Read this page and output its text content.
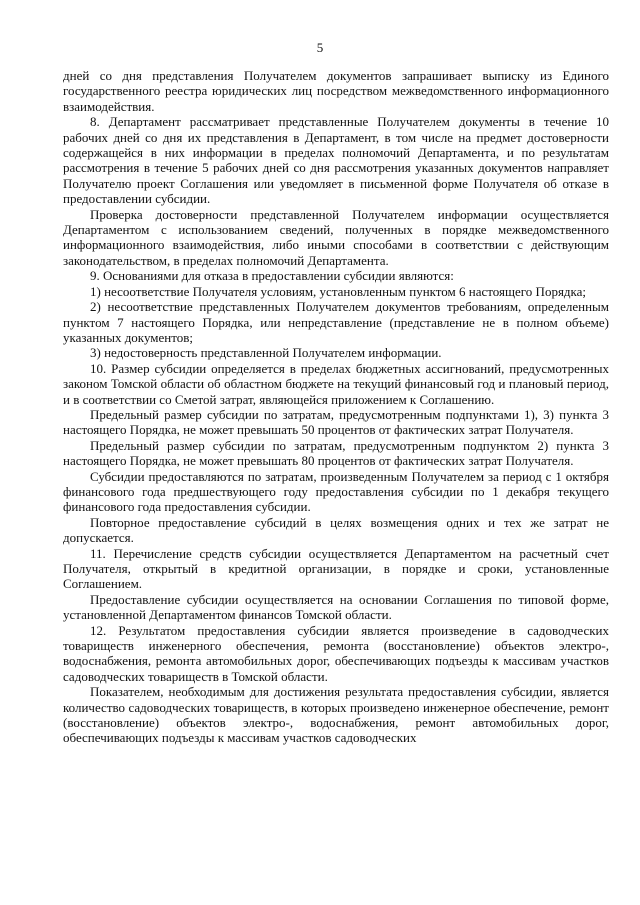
5

дней со дня представления Получателем документов запрашивает выписку из Единого государственного реестра юридических лиц посредством межведомственного информационного взаимодействия.

8. Департамент рассматривает представленные Получателем документы в течение 10 рабочих дней со дня их представления в Департамент, в том числе на предмет достоверности содержащейся в них информации в пределах полномочий Департамента, и по результатам рассмотрения в течение 5 рабочих дней со дня рассмотрения указанных документов направляет Получателю проект Соглашения или уведомляет в письменной форме Получателя об отказе в предоставлении субсидии.

Проверка достоверности представленной Получателем информации осуществляется Департаментом с использованием сведений, полученных в порядке межведомственного информационного взаимодействия, либо иными способами в соответствии с действующим законодательством, в пределах полномочий Департамента.

9. Основаниями для отказа в предоставлении субсидии являются:

1) несоответствие Получателя условиям, установленным пунктом 6 настоящего Порядка;

2) несоответствие представленных Получателем документов требованиям, определенным пунктом 7 настоящего Порядка, или непредставление (представление не в полном объеме) указанных документов;

3) недостоверность представленной Получателем информации.

10. Размер субсидии определяется в пределах бюджетных ассигнований, предусмотренных законом Томской области об областном бюджете на текущий финансовый год и плановый период, и в соответствии со Сметой затрат, являющейся приложением к Соглашению.

Предельный размер субсидии по затратам, предусмотренным подпунктами 1), 3) пункта 3 настоящего Порядка, не может превышать 50 процентов от фактических затрат Получателя.

Предельный размер субсидии по затратам, предусмотренным подпунктом 2) пункта 3 настоящего Порядка, не может превышать 80 процентов от фактических затрат Получателя.

Субсидии предоставляются по затратам, произведенным Получателем за период с 1 октября финансового года предшествующего году предоставления субсидии по 1 декабря текущего финансового года предоставления субсидии.

Повторное предоставление субсидий в целях возмещения одних и тех же затрат не допускается.

11. Перечисление средств субсидии осуществляется Департаментом на расчетный счет Получателя, открытый в кредитной организации, в порядке и сроки, установленные Соглашением.

Предоставление субсидии осуществляется на основании Соглашения по типовой форме, установленной Департаментом финансов Томской области.

12. Результатом предоставления субсидии является произведение в садоводческих товариществ инженерного обеспечения, ремонта (восстановление) объектов электро-, водоснабжения, ремонта автомобильных дорог, обеспечивающих подъезды к массивам участков садоводческих товариществ в Томской области.

Показателем, необходимым для достижения результата предоставления субсидии, является количество садоводческих товариществ, в которых произведено инженерное обеспечение, ремонт (восстановление) объектов электро-, водоснабжения, ремонт автомобильных дорог, обеспечивающих подъезды к массивам участков садоводческих
